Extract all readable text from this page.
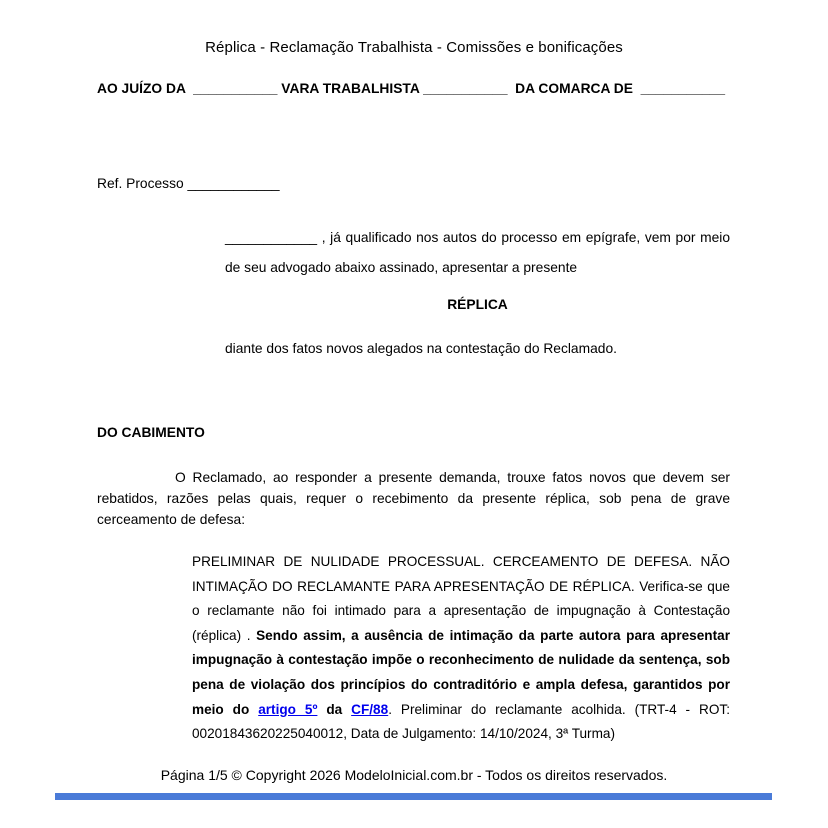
Réplica - Reclamação Trabalhista - Comissões e bonificações
AO JUÍZO DA  ___________ VARA TRABALHISTA ___________  DA COMARCA DE  ___________
Ref. Processo ____________
____________ , já qualificado nos autos do processo em epígrafe, vem por meio de seu advogado abaixo assinado, apresentar a presente
RÉPLICA
diante dos fatos novos alegados na contestação do Reclamado.
DO CABIMENTO
O Reclamado, ao responder a presente demanda, trouxe fatos novos que devem ser rebatidos, razões pelas quais, requer o recebimento da presente réplica, sob pena de grave cerceamento de defesa:
PRELIMINAR DE NULIDADE PROCESSUAL. CERCEAMENTO DE DEFESA. NÃO INTIMAÇÃO DO RECLAMANTE PARA APRESENTAÇÃO DE RÉPLICA. Verifica-se que o reclamante não foi intimado para a apresentação de impugnação à Contestação (réplica) . Sendo assim, a ausência de intimação da parte autora para apresentar impugnação à contestação impõe o reconhecimento de nulidade da sentença, sob pena de violação dos princípios do contraditório e ampla defesa, garantidos por meio do artigo 5º da CF/88. Preliminar do reclamante acolhida. (TRT-4 - ROT: 00201843620225040012, Data de Julgamento: 14/10/2024, 3ª Turma)
Página 1/5 © Copyright 2026 ModeloInicial.com.br - Todos os direitos reservados.
